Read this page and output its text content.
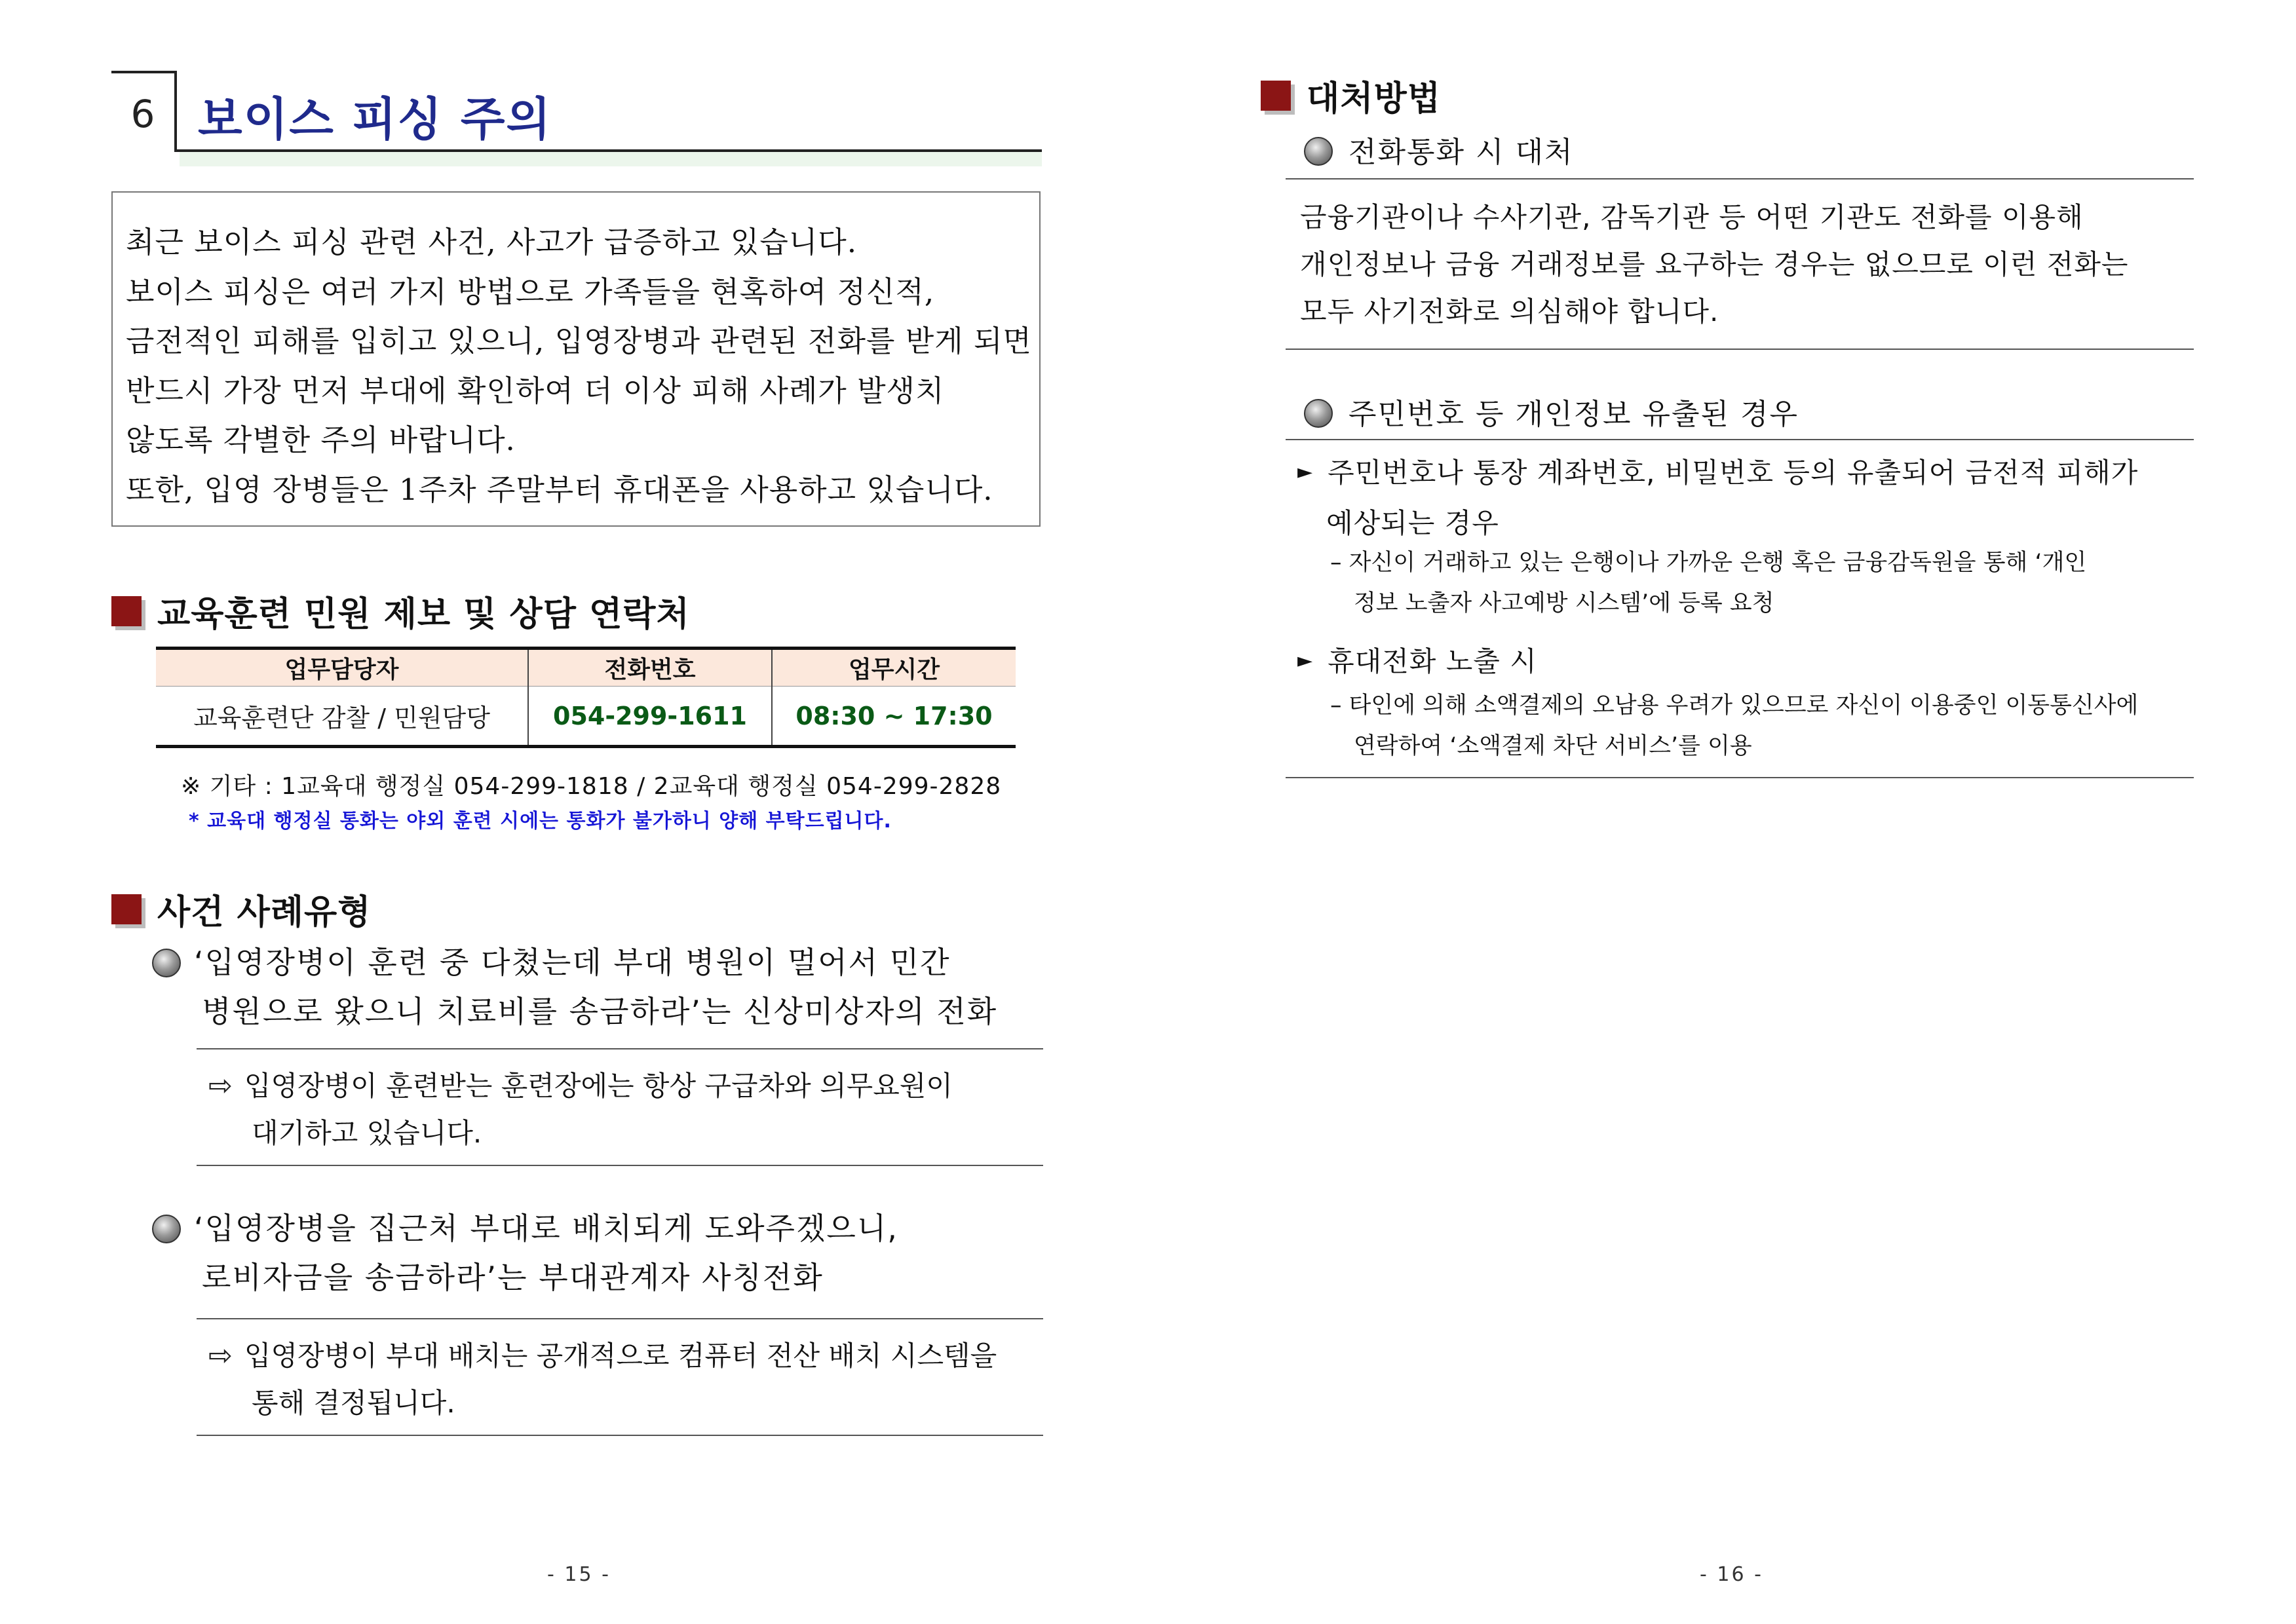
6 보이스 피싱 주의
최근 보이스 피싱 관련 사건, 사고가 급증하고 있습니다.
보이스 피싱은 여러 가지 방법으로 가족들을 현혹하여 정신적,
금전적인 피해를 입히고 있으니, 입영장병과 관련된 전화를 받게 되면
반드시 가장 먼저 부대에 확인하여 더 이상 피해 사례가 발생치
않도록 각별한 주의 바랍니다.
또한, 입영 장병들은 1주차 주말부터 휴대폰을 사용하고 있습니다.
교육훈련 민원 제보 및 상담 연락처
업무담당자	전화번호	업무시간
교육훈련단 감찰 / 민원담당	054-299-1611	08:30 ~ 17:30
※ 기타 : 1교육대 행정실 054-299-1818 / 2교육대 행정실 054-299-2828
* 교육대 행정실 통화는 야외 훈련 시에는 통화가 불가하니 양해 부탁드립니다.
사건 사례유형
‘입영장병이 훈련 중 다쳤는데 부대 병원이 멀어서 민간
병원으로 왔으니 치료비를 송금하라’는 신상미상자의 전화
⇨ 입영장병이 훈련받는 훈련장에는 항상 구급차와 의무요원이
대기하고 있습니다.
‘입영장병을 집근처 부대로 배치되게 도와주겠으니,
로비자금을 송금하라’는 부대관계자 사칭전화
⇨ 입영장병이 부대 배치는 공개적으로 컴퓨터 전산 배치 시스템을
통해 결정됩니다.
- 15 -
대처방법
전화통화 시 대처
금융기관이나 수사기관, 감독기관 등 어떤 기관도 전화를 이용해
개인정보나 금융 거래정보를 요구하는 경우는 없으므로 이런 전화는
모두 사기전화로 의심해야 합니다.
주민번호 등 개인정보 유출된 경우
► 주민번호나 통장 계좌번호, 비밀번호 등의 유출되어 금전적 피해가
예상되는 경우
– 자신이 거래하고 있는 은행이나 가까운 은행 혹은 금융감독원을 통해 ‘개인
정보 노출자 사고예방 시스템’에 등록 요청
► 휴대전화 노출 시
– 타인에 의해 소액결제의 오남용 우려가 있으므로 자신이 이용중인 이동통신사에
연락하여 ‘소액결제 차단 서비스’를 이용
- 16 -
